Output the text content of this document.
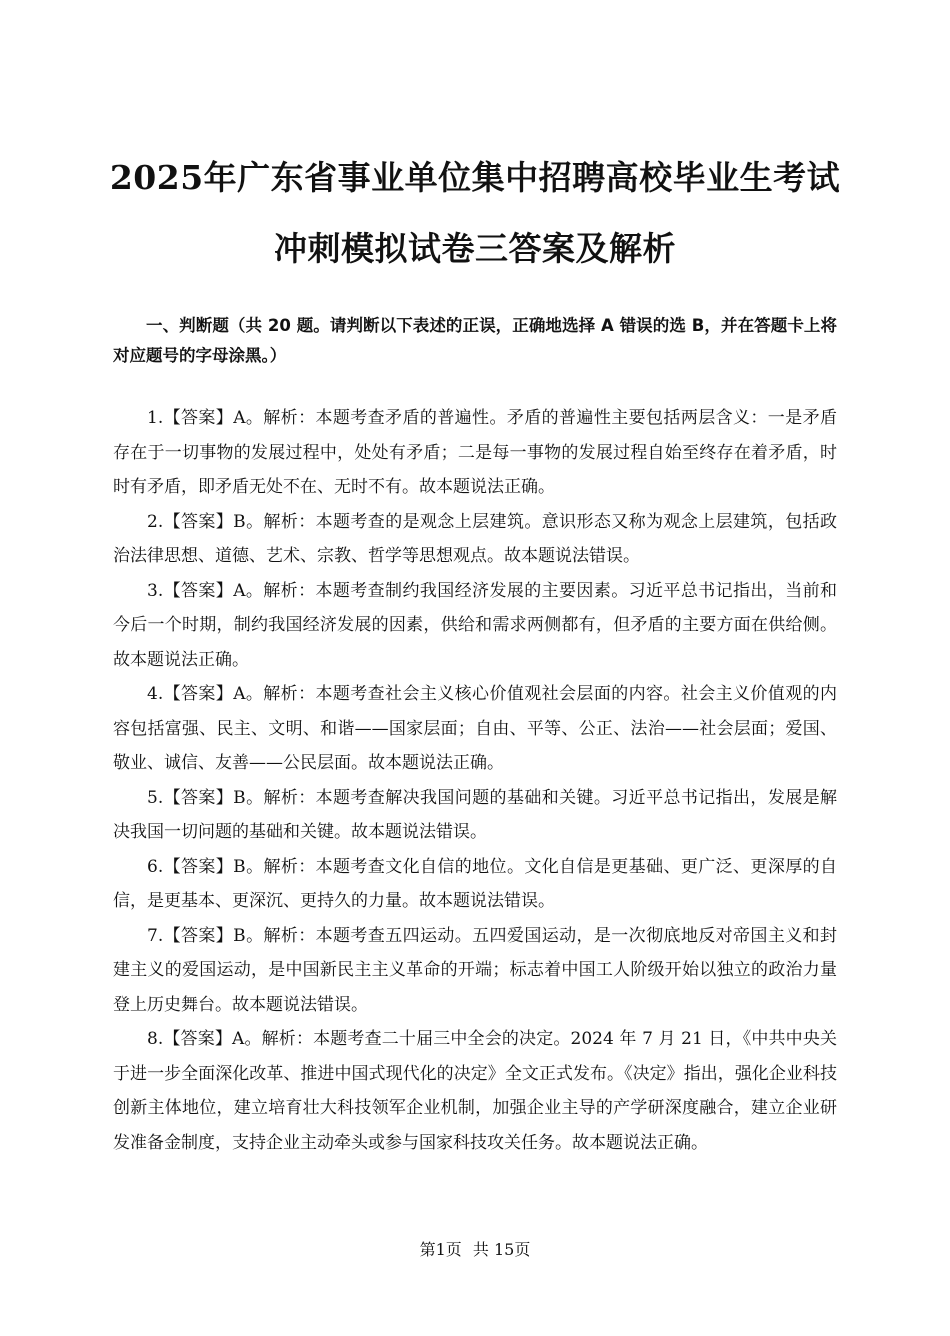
2025年广东省事业单位集中招聘高校毕业生考试
冲刺模拟试卷三答案及解析
一、判断题（共 20 题。请判断以下表述的正误，正确地选择 A 错误的选 B，并在答题卡上将对应题号的字母涂黑。）

1.【答案】A。解析：本题考查矛盾的普遍性。矛盾的普遍性主要包括两层含义：一是矛盾存在于一切事物的发展过程中，处处有矛盾；二是每一事物的发展过程自始至终存在着矛盾，时时有矛盾，即矛盾无处不在、无时不有。故本题说法正确。

2.【答案】B。解析：本题考查的是观念上层建筑。意识形态又称为观念上层建筑，包括政治法律思想、道德、艺术、宗教、哲学等思想观点。故本题说法错误。

3.【答案】A。解析：本题考查制约我国经济发展的主要因素。习近平总书记指出，当前和今后一个时期，制约我国经济发展的因素，供给和需求两侧都有，但矛盾的主要方面在供给侧。故本题说法正确。

4.【答案】A。解析：本题考查社会主义核心价值观社会层面的内容。社会主义价值观的内容包括富强、民主、文明、和谐——国家层面；自由、平等、公正、法治——社会层面；爱国、敬业、诚信、友善——公民层面。故本题说法正确。

5.【答案】B。解析：本题考查解决我国问题的基础和关键。习近平总书记指出，发展是解决我国一切问题的基础和关键。故本题说法错误。

6.【答案】B。解析：本题考查文化自信的地位。文化自信是更基础、更广泛、更深厚的自信，是更基本、更深沉、更持久的力量。故本题说法错误。

7.【答案】B。解析：本题考查五四运动。五四爱国运动，是一次彻底地反对帝国主义和封建主义的爱国运动，是中国新民主主义革命的开端；标志着中国工人阶级开始以独立的政治力量登上历史舞台。故本题说法错误。

8.【答案】A。解析：本题考查二十届三中全会的决定。2024 年 7 月 21 日，《中共中央关于进一步全面深化改革、推进中国式现代化的决定》全文正式发布。《决定》指出，强化企业科技创新主体地位，建立培育壮大科技领军企业机制，加强企业主导的产学研深度融合，建立企业研发准备金制度，支持企业主动牵头或参与国家科技攻关任务。故本题说法正确。

第1页 共 15页
